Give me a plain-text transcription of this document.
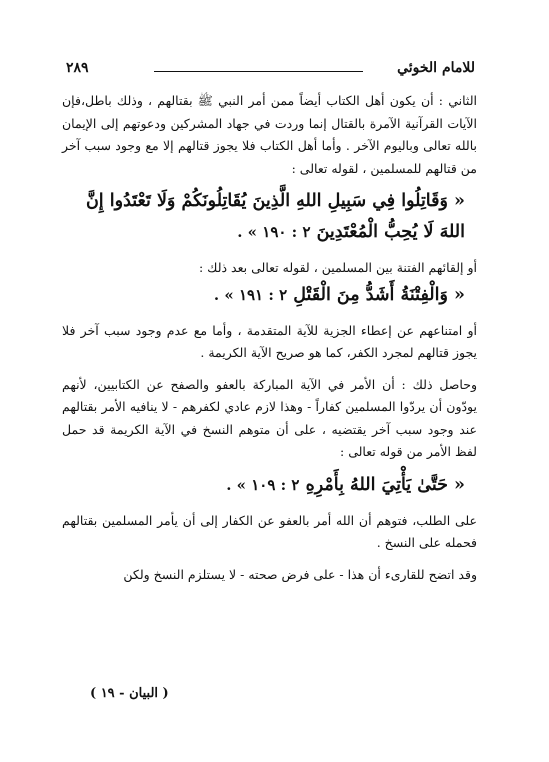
للامام الخوئي
٢٨٩

الثاني : أن يكون أهل الكتاب أيضاً ممن أمر النبي ﷺ بقتالهم ، وذلك باطل،فإن الآيات القرآنية الآمرة بالقتال إنما وردت في جهاد المشركين ودعوتهم إلى الإيمان بالله تعالى وباليوم الآخر . وأما أهل الكتاب فلا يجوز قتالهم إلا مع وجود سبب آخر من قتالهم للمسلمين ، لقوله تعالى :

« وَقَاتِلُوا فِي سَبِيلِ اللهِ الَّذِينَ يُقَاتِلُونَكُمْ وَلَا تَعْتَدُوا إِنَّ اللهَ لَا يُحِبُّ الْمُعْتَدِينَ ٢ : ١٩٠ » .

أو إلقائهم الفتنة بين المسلمين ، لقوله تعالى بعد ذلك :

« وَالْفِتْنَةُ أَشَدُّ مِنَ الْقَتْلِ ٢ : ١٩١ » .

أو امتناعهم عن إعطاء الجزية للآية المتقدمة ، وأما مع عدم وجود سبب آخر فلا يجوز قتالهم لمجرد الكفر، كما هو صريح الآية الكريمة .

وحاصل ذلك : أن الأمر في الآية المباركة بالعفو والصفح عن الكتابيين، لأنهم يودّون أن يردّوا المسلمين كفاراً - وهذا لازم عادي لكفرهم - لا ينافيه الأمر بقتالهم عند وجود سبب آخر يقتضيه ، على أن متوهم النسخ في الآية الكريمة قد حمل لفظ الأمر من قوله تعالى :

« حَتَّىٰ يَأْتِيَ اللهُ بِأَمْرِهِ ٢ : ١٠٩ » .

على الطلب، فتوهم أن الله أمر بالعفو عن الكفار إلى أن يأمر المسلمين بقتالهم فحمله على النسخ .

وقد اتضح للقارىء أن هذا - على فرض صحته - لا يستلزم النسخ ولكن

( البيان - ١٩ )
